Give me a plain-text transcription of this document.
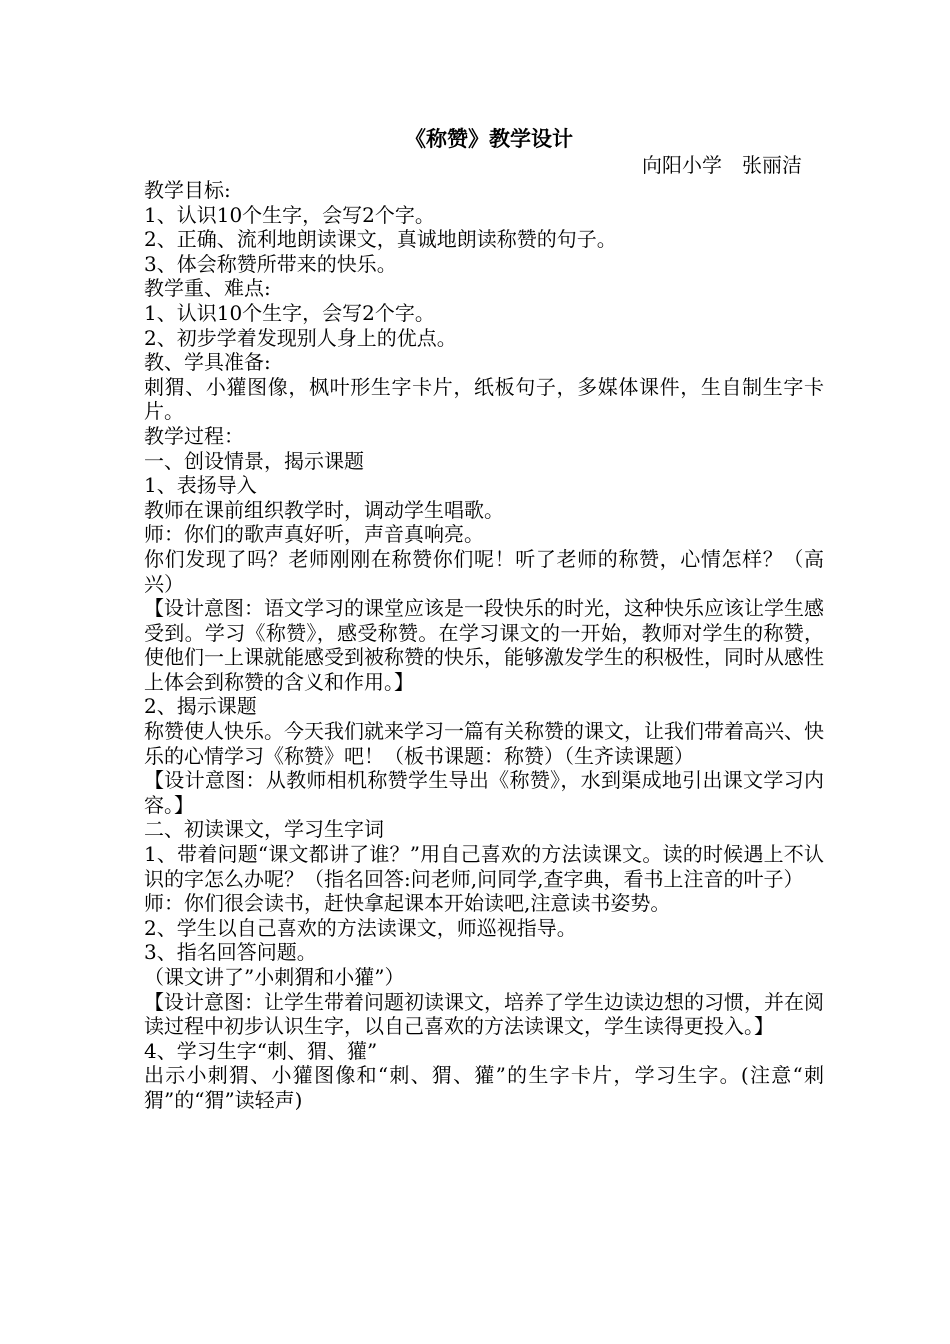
《称赞》教学设计

向阳小学　张丽洁

教学目标:

1、认识10个生字，会写2个字。

2、正确、流利地朗读课文，真诚地朗读称赞的句子。

3、体会称赞所带来的快乐。

教学重、难点:

1、认识10个生字，会写2个字。

2、初步学着发现别人身上的优点。

教、学具准备:

刺猬、小獾图像，枫叶形生字卡片，纸板句子，多媒体课件，生自制生字卡片。

教学过程：

一、创设情景，揭示课题

1、表扬导入

教师在课前组织教学时，调动学生唱歌。

师：你们的歌声真好听，声音真响亮。

你们发现了吗？老师刚刚在称赞你们呢！听了老师的称赞，心情怎样？（高兴）

【设计意图：语文学习的课堂应该是一段快乐的时光，这种快乐应该让学生感受到。学习《称赞》，感受称赞。在学习课文的一开始，教师对学生的称赞，使他们一上课就能感受到被称赞的快乐，能够激发学生的积极性，同时从感性上体会到称赞的含义和作用。】

2、揭示课题

称赞使人快乐。今天我们就来学习一篇有关称赞的课文，让我们带着高兴、快乐的心情学习《称赞》吧！（板书课题：称赞）（生齐读课题）

【设计意图：从教师相机称赞学生导出《称赞》，水到渠成地引出课文学习内容。】

二、初读课文，学习生字词

1、带着问题“课文都讲了谁？”用自己喜欢的方法读课文。读的时候遇上不认识的字怎么办呢？（指名回答:问老师,问同学,查字典，看书上注音的叶子）

师：你们很会读书，赶快拿起课本开始读吧,注意读书姿势。

2、学生以自己喜欢的方法读课文，师巡视指导。

3、指名回答问题。

（课文讲了”小刺猬和小獾”）

【设计意图：让学生带着问题初读课文，培养了学生边读边想的习惯，并在阅读过程中初步认识生字，以自己喜欢的方法读课文，学生读得更投入。】

4、学习生字“刺、猬、獾”

出示小刺猬、小獾图像和“刺、猬、獾”的生字卡片，学习生字。(注意“刺猬”的“猬”读轻声)
